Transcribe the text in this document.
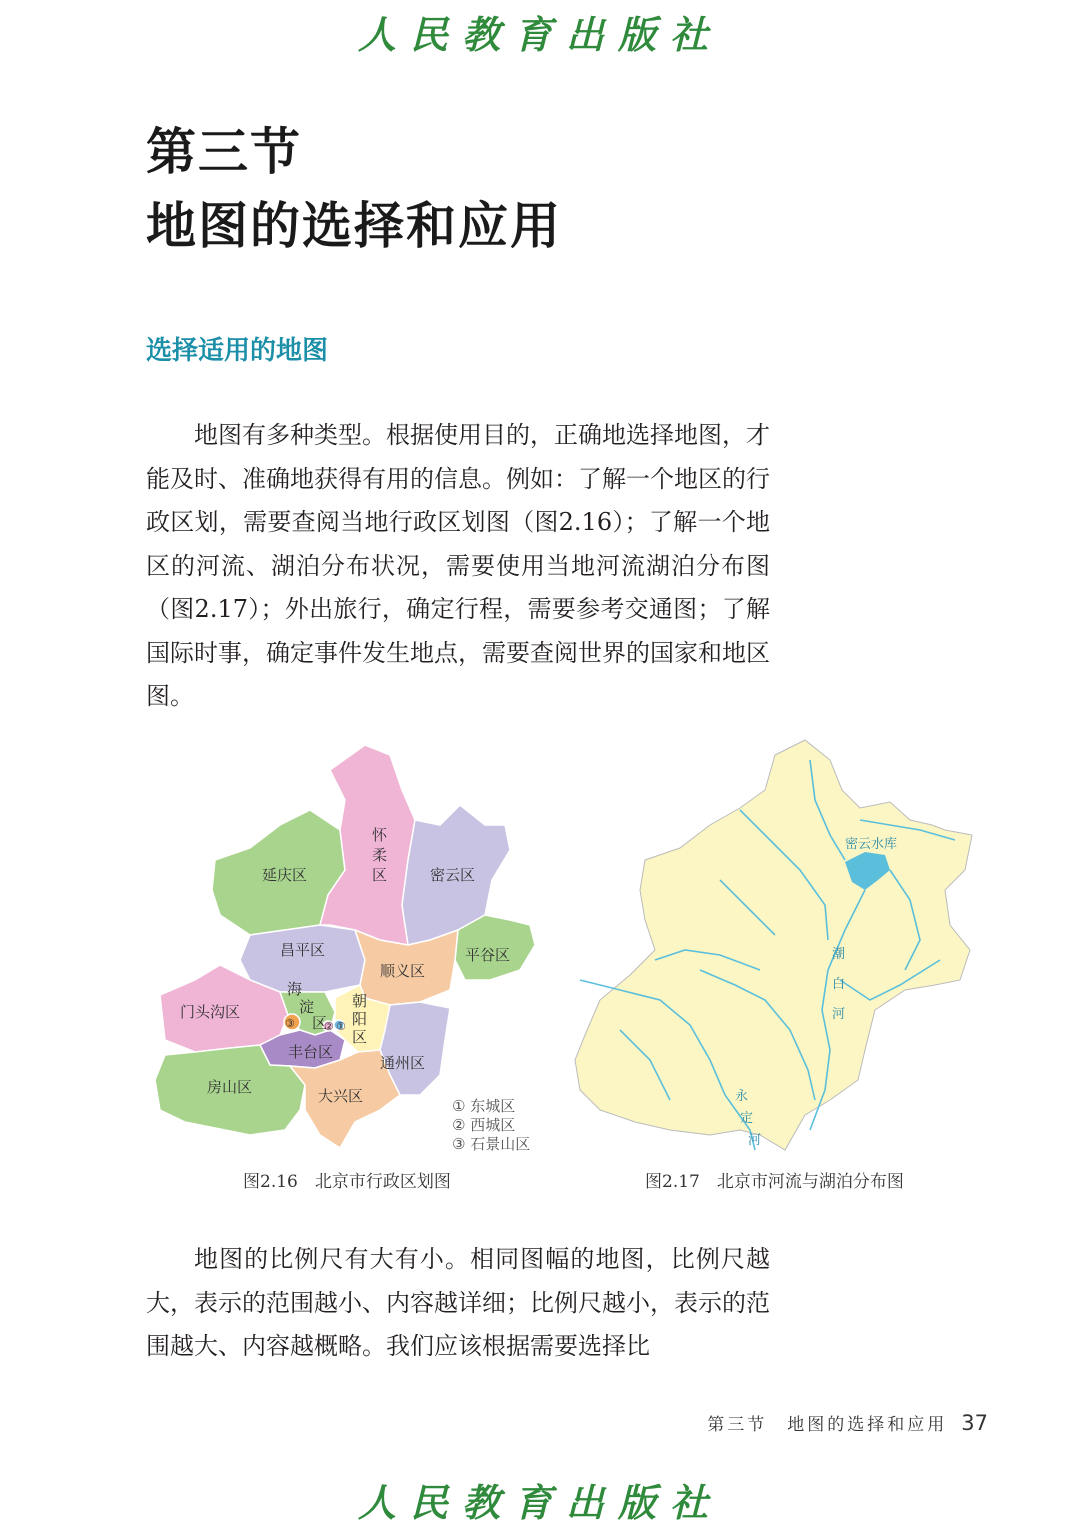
人民教育出版社
第三节
地图的选择和应用
选择适用的地图
地图有多种类型。根据使用目的，正确地选择地图，才能及时、准确地获得有用的信息。例如：了解一个地区的行政区划，需要查阅当地行政区划图（图2.16）；了解一个地区的河流、湖泊分布状况，需要使用当地河流湖泊分布图（图2.17）；外出旅行，确定行程，需要参考交通图；了解国际时事，确定事件发生地点，需要查阅世界的国家和地区图。
延庆区
怀
柔
区	密云区
昌平区	平谷区
顺义区
门头沟区
海
淀
区
朝
阳
区
丰台区
通州区
房山区	大兴区
③	② ①
① 东城区
② 西城区
③ 石景山区
密云水库
潮
白
河
永
定
河
图2.16　北京市行政区划图	图2.17　北京市河流与湖泊分布图
地图的比例尺有大有小。相同图幅的地图，比例尺越大，表示的范围越小、内容越详细；比例尺越小，表示的范围越大、内容越概略。我们应该根据需要选择比
第三节　地图的选择和应用 37
人民教育出版社
